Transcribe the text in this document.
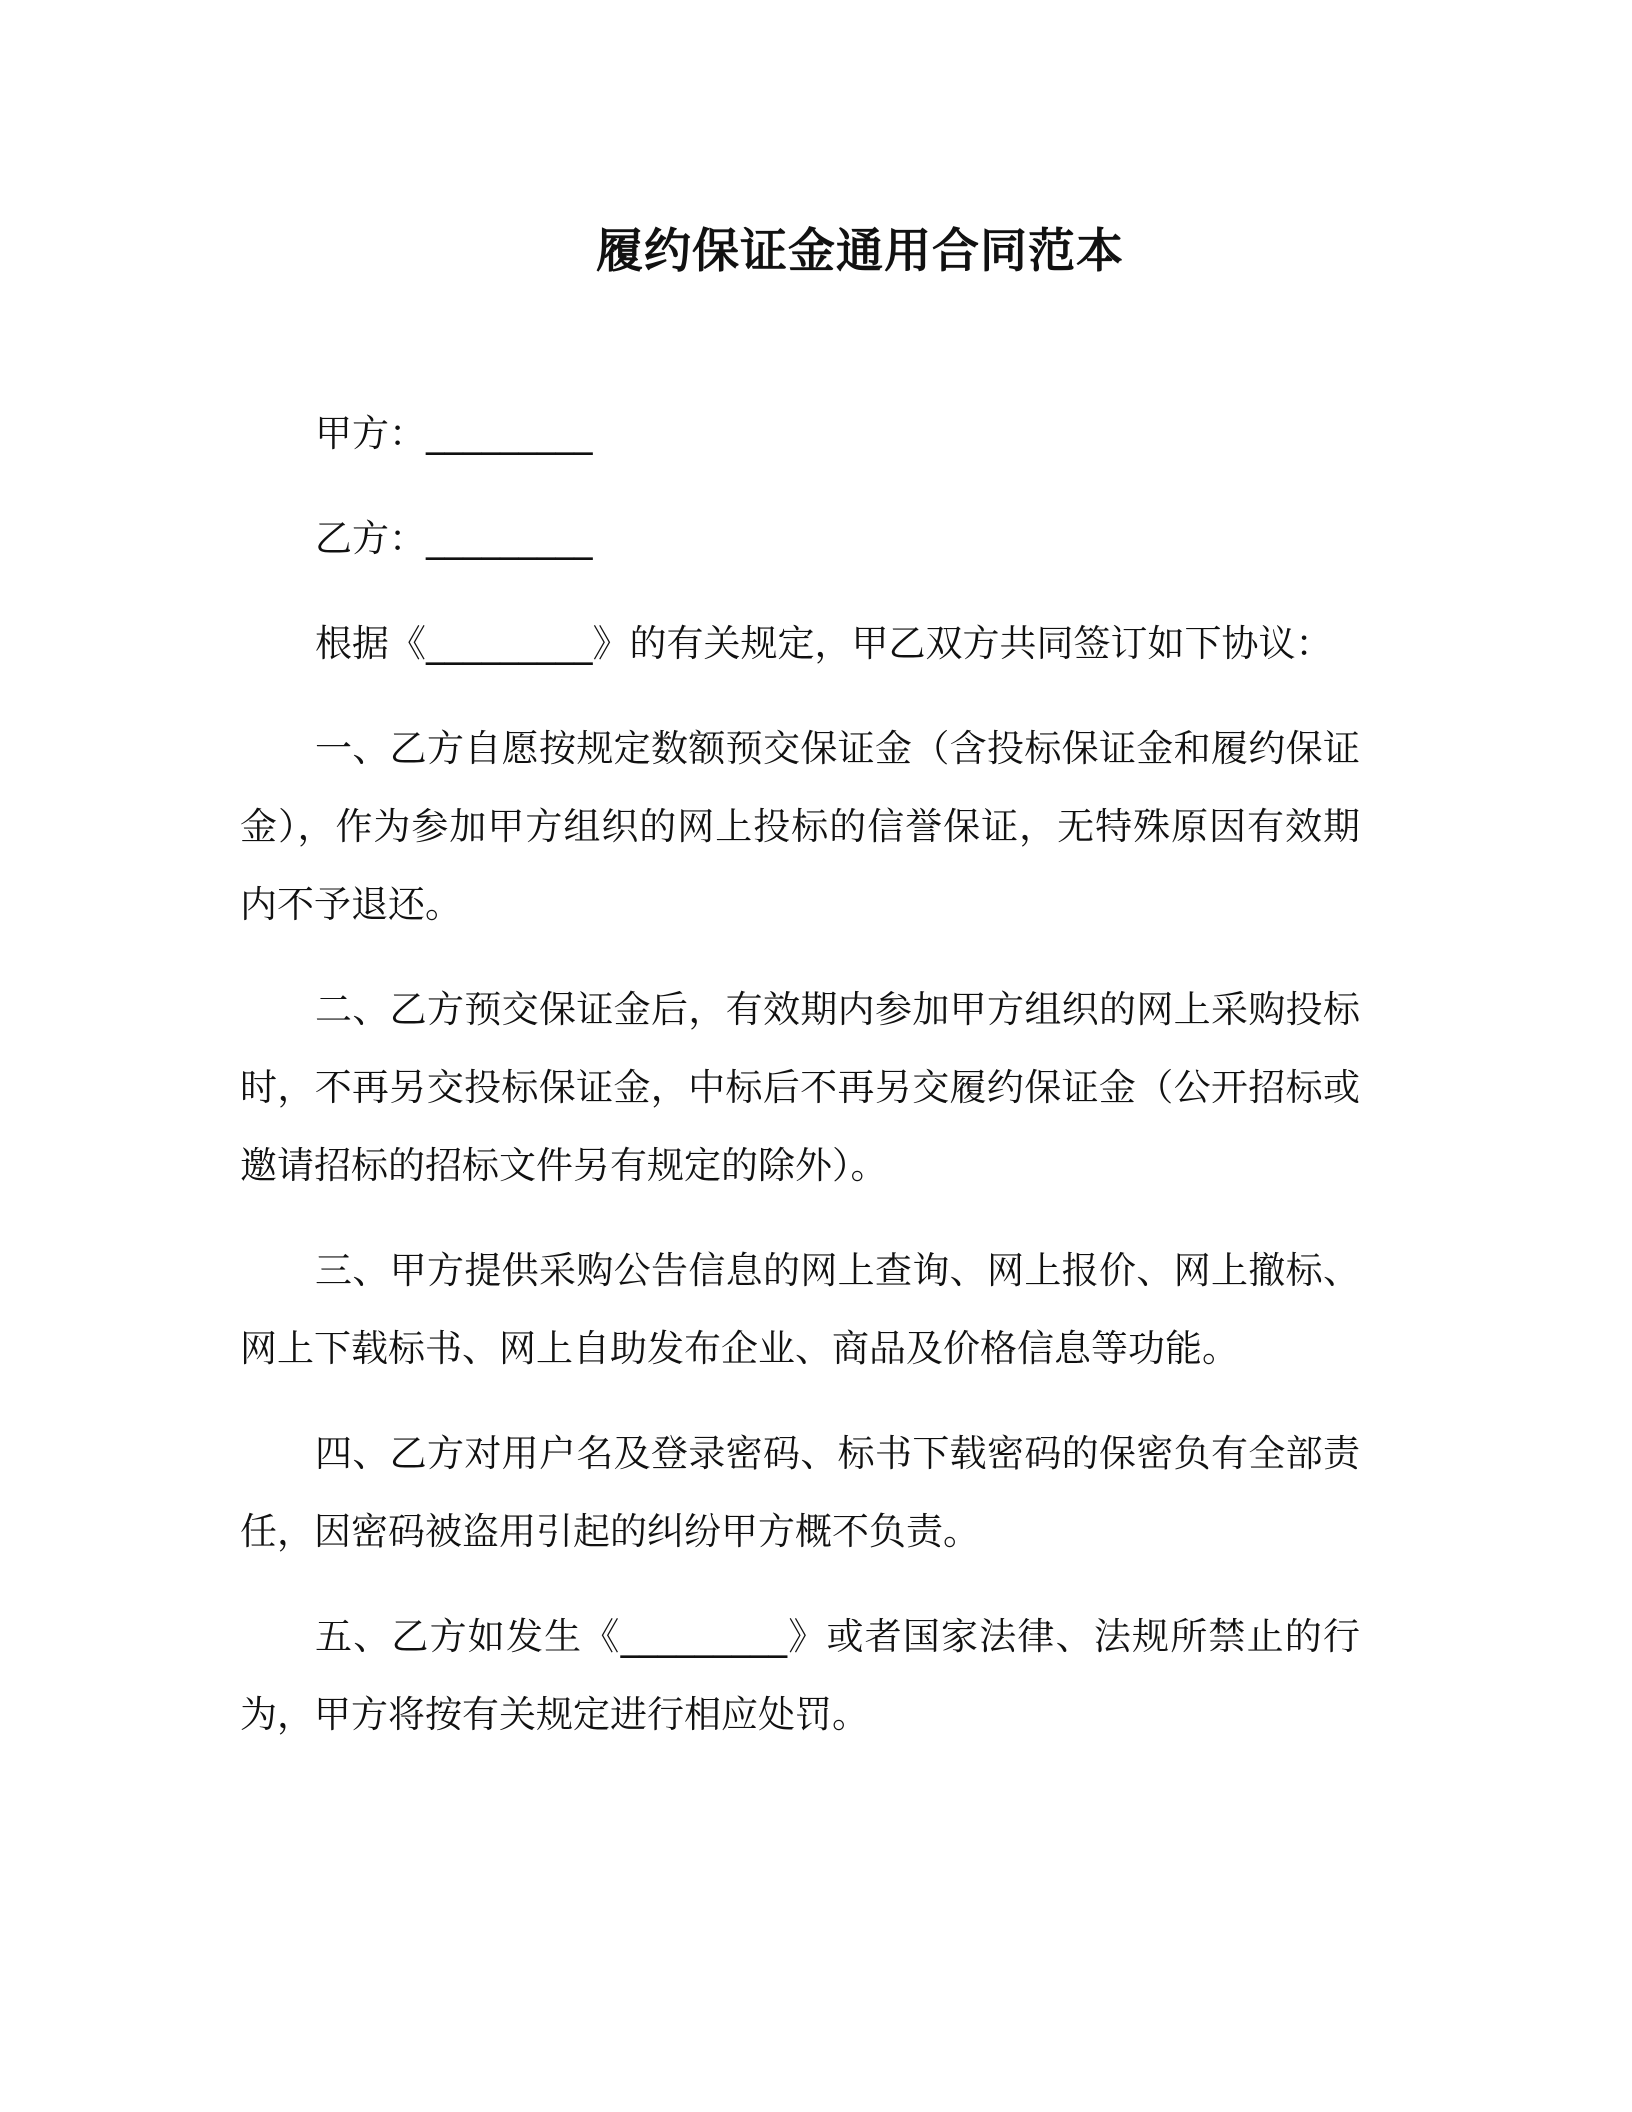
履约保证金通用合同范本

甲方：_________

乙方：_________

根据《_________》的有关规定，甲乙双方共同签订如下协议：

一、乙方自愿按规定数额预交保证金（含投标保证金和履约保证金），作为参加甲方组织的网上投标的信誉保证，无特殊原因有效期内不予退还。

二、乙方预交保证金后，有效期内参加甲方组织的网上采购投标时，不再另交投标保证金，中标后不再另交履约保证金（公开招标或邀请招标的招标文件另有规定的除外）。

三、甲方提供采购公告信息的网上查询、网上报价、网上撤标、网上下载标书、网上自助发布企业、商品及价格信息等功能。

四、乙方对用户名及登录密码、标书下载密码的保密负有全部责任，因密码被盗用引起的纠纷甲方概不负责。

五、乙方如发生《_________》或者国家法律、法规所禁止的行为，甲方将按有关规定进行相应处罚。
